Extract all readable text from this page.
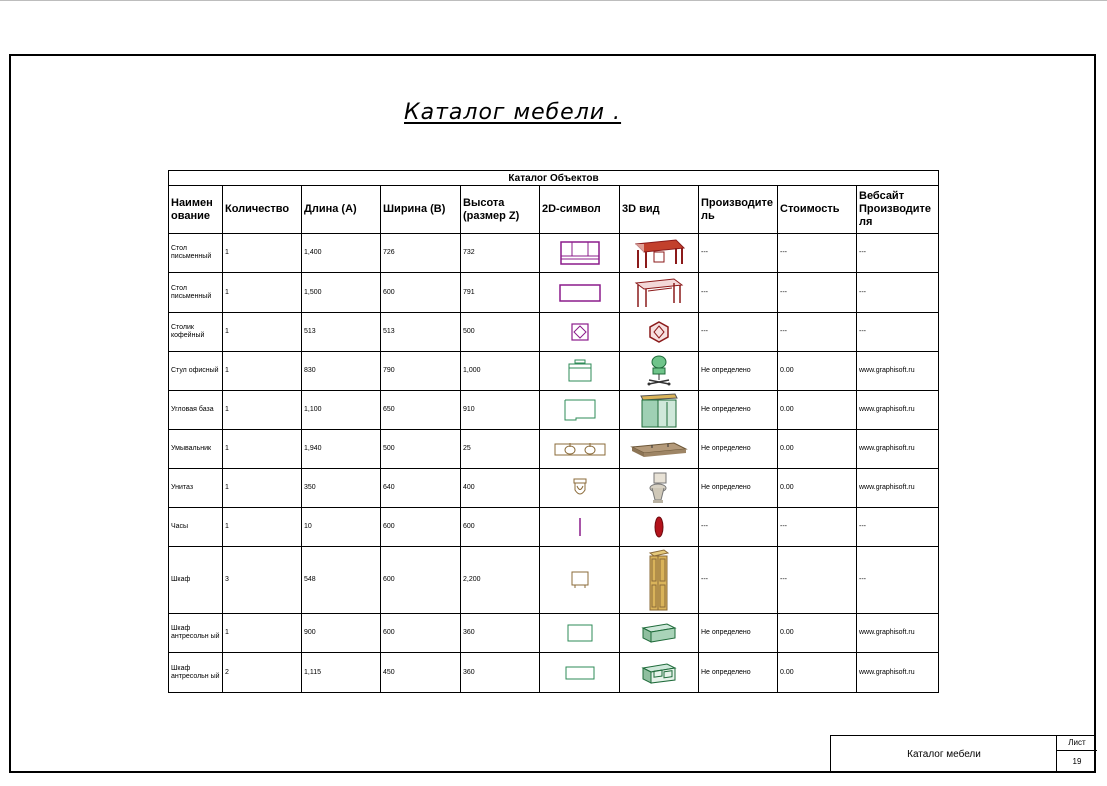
Каталог мебели .
Каталог Объектов									
Наимен ование	Количество	Длина (A)	Ширина (B)	Высота (размер Z)	2D-символ	3D вид	Производите ль	Стоимость	Вебсайт Производите ля
Стол письменный	1	1,400	726	732			---	---	---
Стол письменный	1	1,500	600	791			---	---	---
Столик кофейный	1	513	513	500			---	---	---
Стул офисный	1	830	790	1,000			Не определено	0.00	www.graphisoft.ru
Угловая база	1	1,100	650	910			Не определено	0.00	www.graphisoft.ru
Умывальник	1	1,940	500	25			Не определено	0.00	www.graphisoft.ru
Унитаз	1	350	640	400			Не определено	0.00	www.graphisoft.ru
Часы	1	10	600	600			---	---	---
Шкаф	3	548	600	2,200			---	---	---
Шкаф антресольн ый	1	900	600	360			Не определено	0.00	www.graphisoft.ru
Шкаф антресольн ый	2	1,115	450	360			Не определено	0.00	www.graphisoft.ru
Каталог мебели
Лист
19
